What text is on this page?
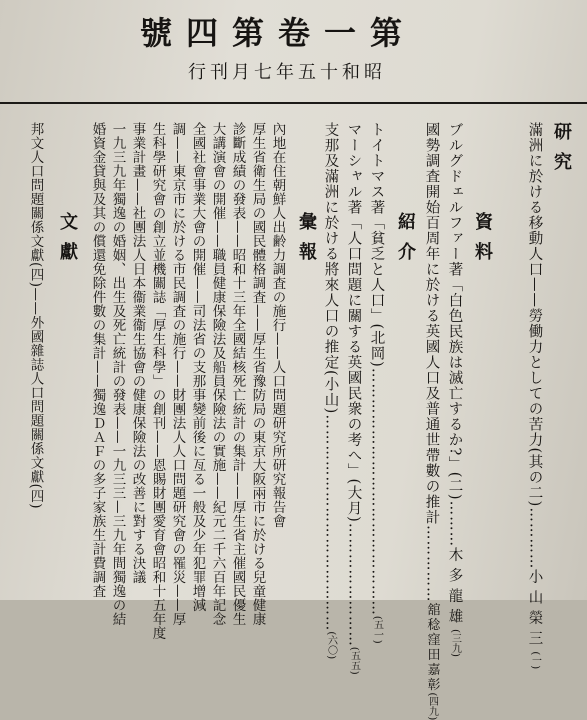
第一卷第四號
昭和十五年七月刊行
研究
滿洲に於ける移動人口——勞働力としての苦力(其の二)…………小山榮三(一)
資料
ブルグドェルファー著「白色民族は滅亡するか?」(二)………木多龍雄(三九)
國勢調査開始百周年に於ける英國人口及普通世帶數の推計……………舘稔窪田嘉彰(四九)
紹介
トイトマス著「貧乏と人口」(北岡)…………………………………………(五一)
マーシャル著「人口問題に關する英國民衆の考へ」(大月)……………………(五五)
支那及滿洲に於ける將來人口の推定(小山)……………………………………(六〇)
彙報
內地在住朝鮮人出齢力調査の施行——人口問題研究所研究報告會
厚生省衛生局の國民體格調査——厚生省豫防局の東京大阪兩市に於ける兒童健康
診斷成績の發表——昭和十三年全國結核死亡統計の集計——厚生省主催國民優生
大講演會の開催——職員健康保險法及船員保險法の實施——紀元二千六百年記念
全國社會事業大會の開催——司法省の支那事變前後に亙る一般及少年犯罪增減
調——東京市に於ける市民調査の施行——財團法人人口問題研究會の罹災——厚
生科學研究會の創立並機關誌「厚生科學」の創刊——恩賜財團愛育會昭和十五年度
事業計畫——社團法人日本衞業衞生協會の健康保險法の改善に對する決議
一九三九年獨逸の婚姻、出生及死亡統計の發表——一九三三—三九年間獨逸の結
婚資金貸與及其の償還免除件數の集計——獨逸ＤＡＦの多子家族生計費調査
文獻
邦文人口問題關係文獻(四)——外國雜誌人口問題關係文獻(四)
